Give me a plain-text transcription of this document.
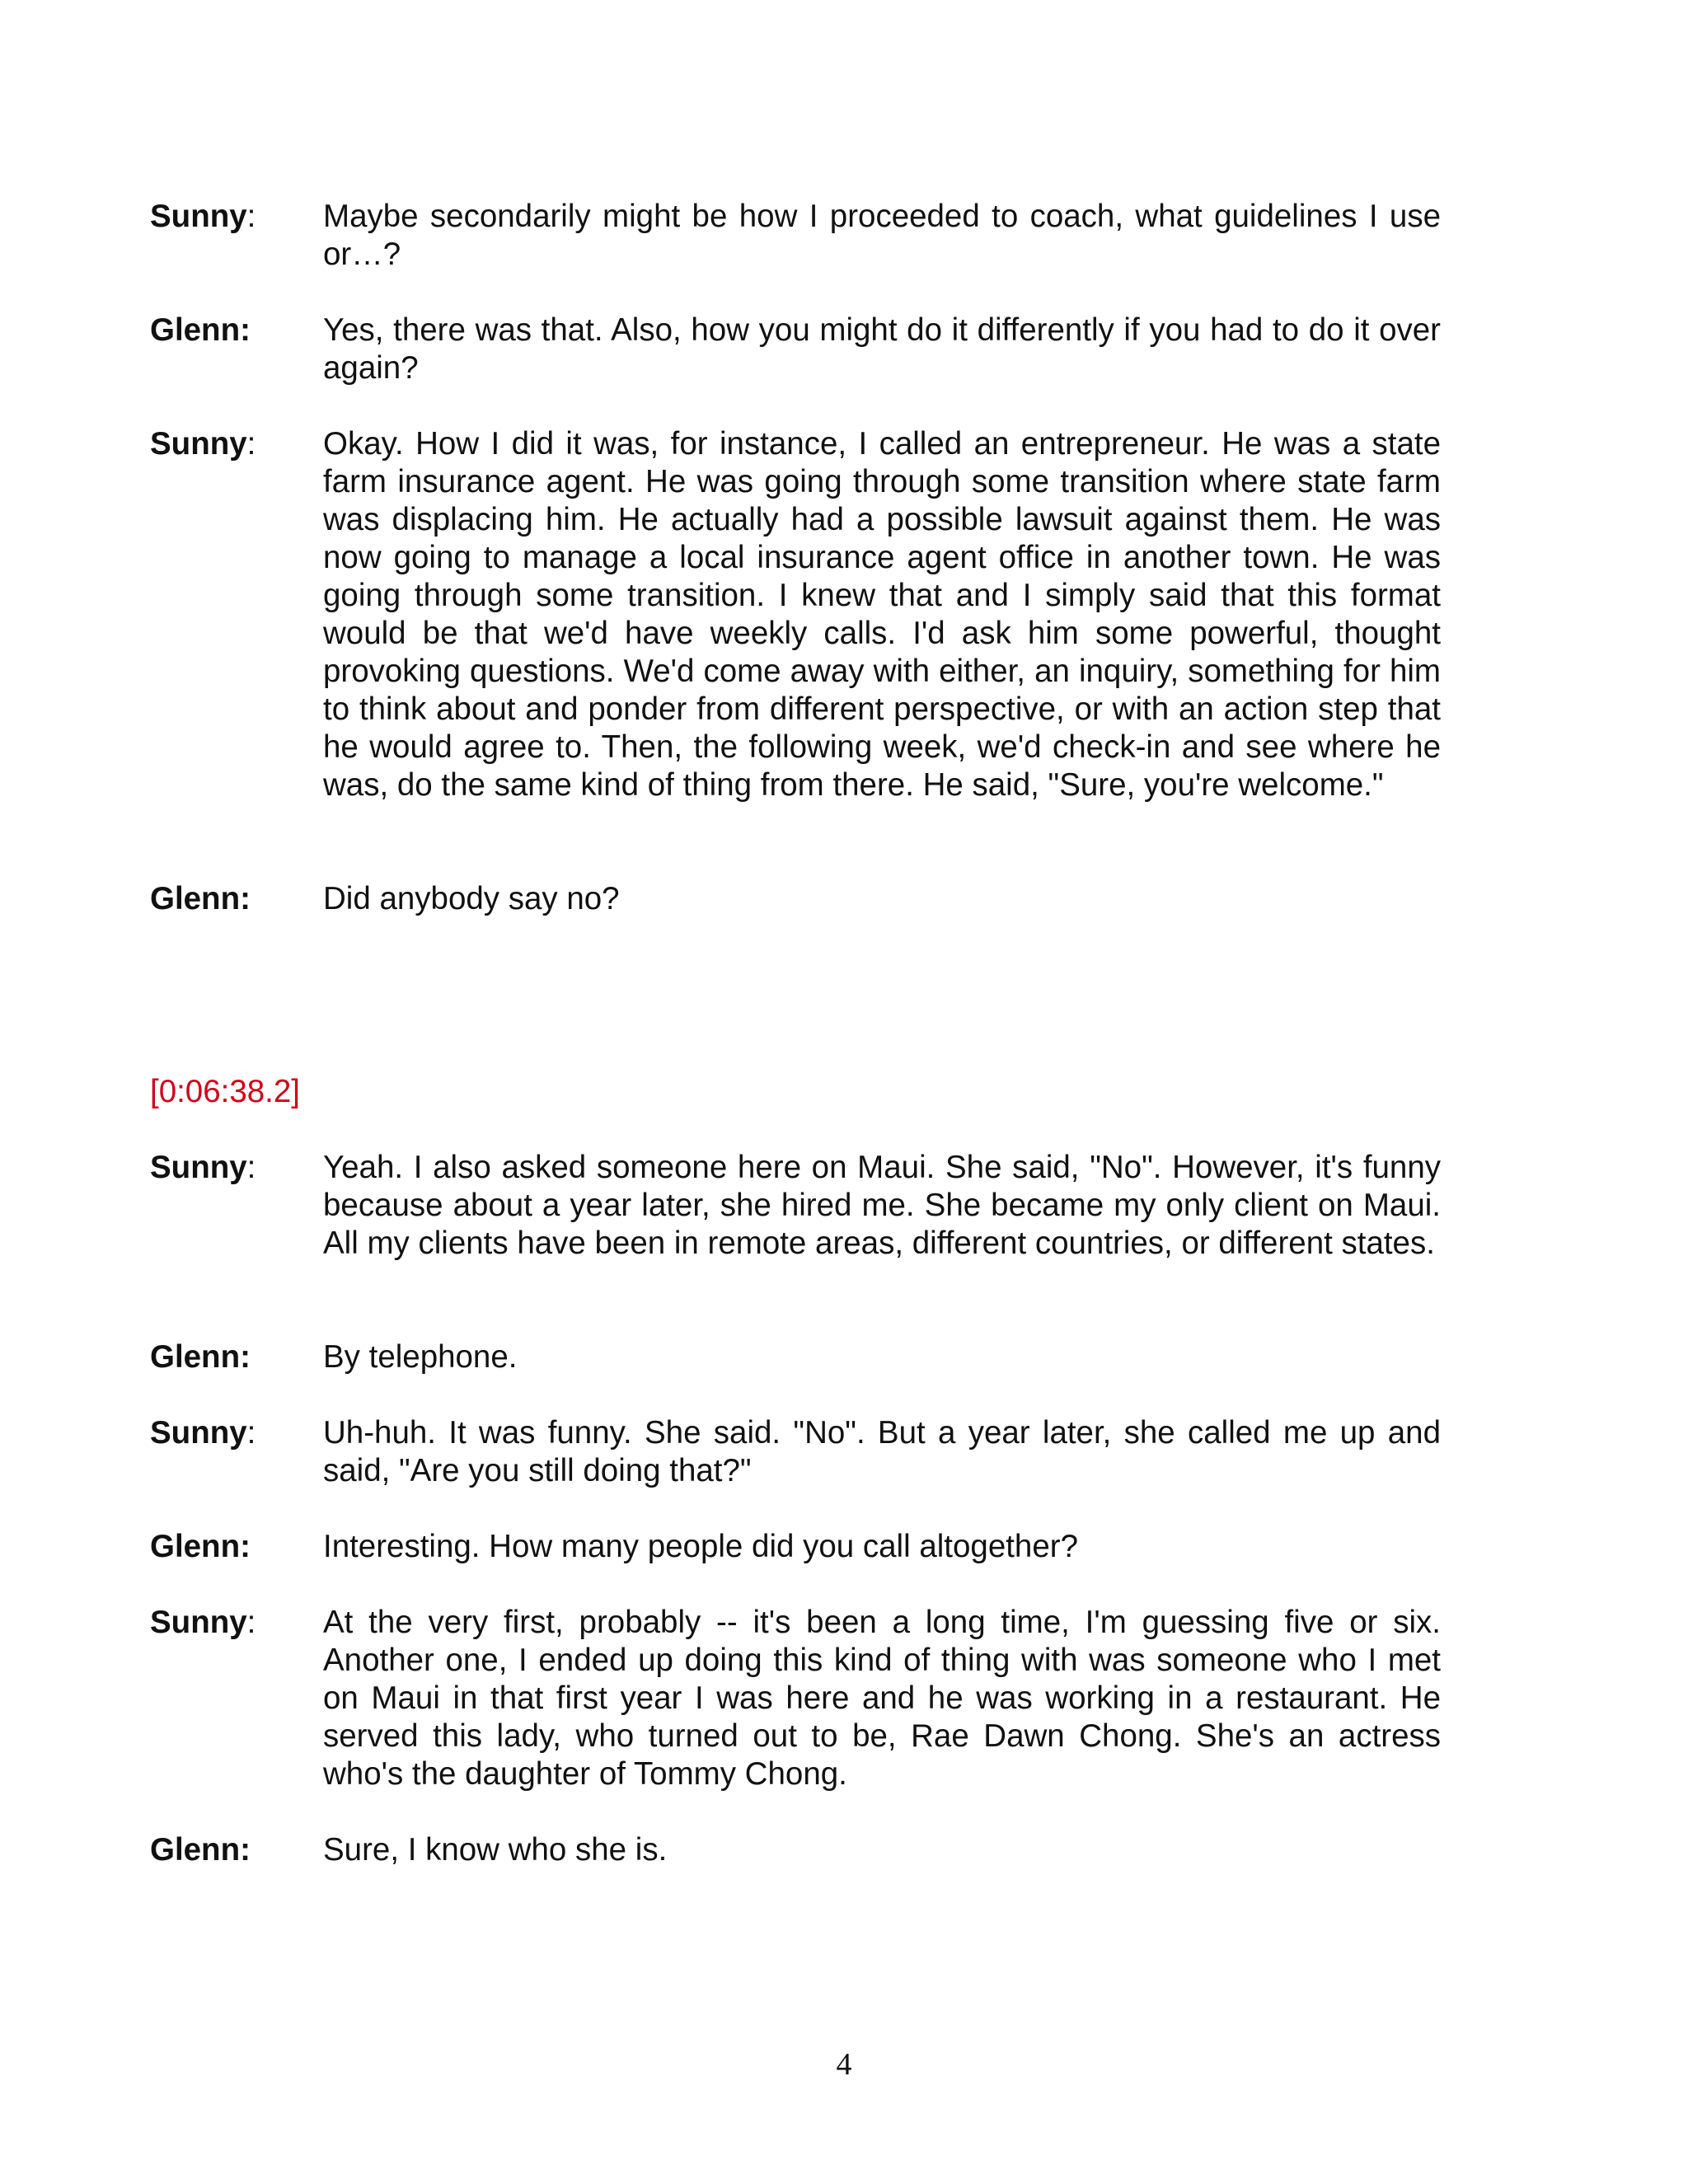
Sunny:	Maybe secondarily might be how I proceeded to coach, what guidelines I use or…?
Glenn:	Yes, there was that. Also, how you might do it differently if you had to do it over again?
Sunny:	Okay. How I did it was, for instance, I called an entrepreneur. He was a state farm insurance agent. He was going through some transition where state farm was displacing him. He actually had a possible lawsuit against them. He was now going to manage a local insurance agent office in another town. He was going through some transition. I knew that and I simply said that this format would be that we'd have weekly calls. I'd ask him some powerful, thought provoking questions. We'd come away with either, an inquiry, something for him to think about and ponder from different perspective, or with an action step that he would agree to. Then, the following week, we'd check-in and see where he was, do the same kind of thing from there. He said, "Sure, you're welcome."
Glenn:	Did anybody say no?
[0:06:38.2]
Sunny:	Yeah. I also asked someone here on Maui. She said, "No". However, it's funny because about a year later, she hired me. She became my only client on Maui. All my clients have been in remote areas, different countries, or different states.
Glenn:	By telephone.
Sunny:	Uh-huh. It was funny. She said. "No". But a year later, she called me up and said, "Are you still doing that?"
Glenn:	Interesting. How many people did you call altogether?
Sunny:	At the very first, probably -- it's been a long time, I'm guessing five or six. Another one, I ended up doing this kind of thing with was someone who I met on Maui in that first year I was here and he was working in a restaurant. He served this lady, who turned out to be, Rae Dawn Chong. She's an actress who's the daughter of Tommy Chong.
Glenn:	Sure, I know who she is.
4
